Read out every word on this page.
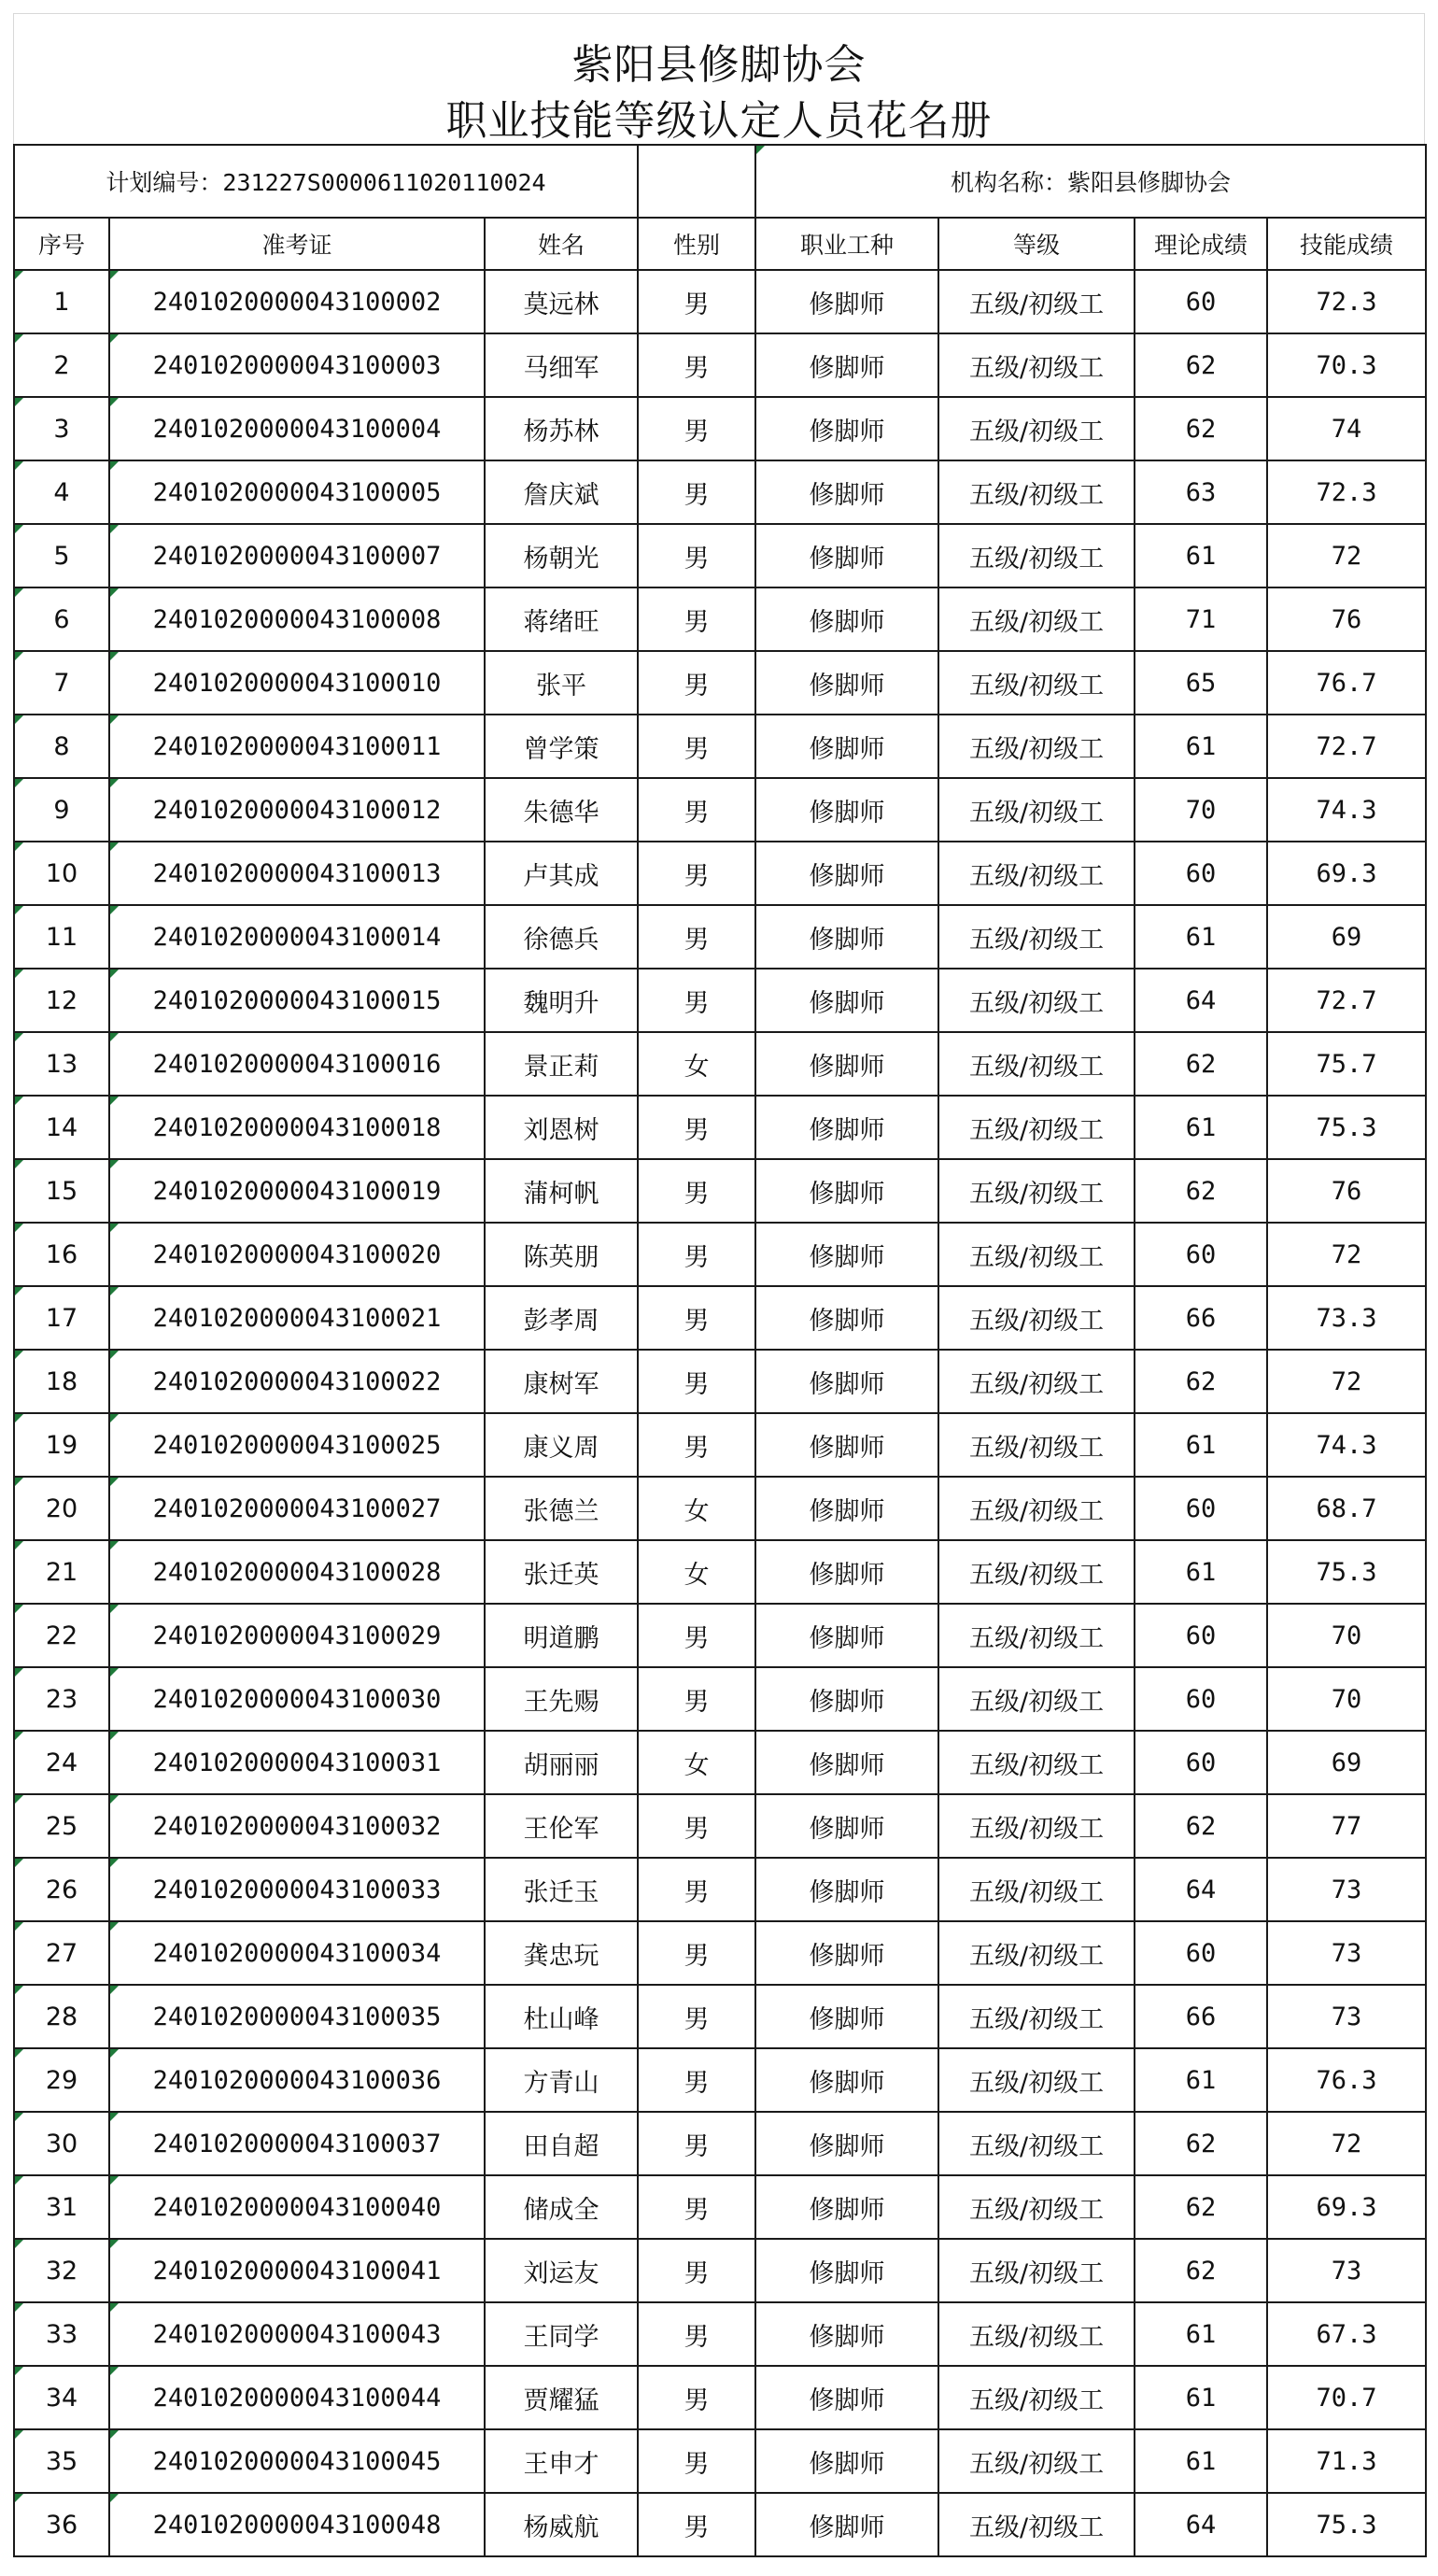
紫阳县修脚协会
职业技能等级认定人员花名册
计划编号：231227S0000611020110024				机构名称：紫阳县修脚协会			
序号	准考证	姓名	性别	职业工种	等级	理论成绩	技能成绩
1	2401020000043100002	莫远林	男	修脚师	五级/初级工	60	72.3
2	2401020000043100003	马细军	男	修脚师	五级/初级工	62	70.3
3	2401020000043100004	杨苏林	男	修脚师	五级/初级工	62	74
4	2401020000043100005	詹庆斌	男	修脚师	五级/初级工	63	72.3
5	2401020000043100007	杨朝光	男	修脚师	五级/初级工	61	72
6	2401020000043100008	蒋绪旺	男	修脚师	五级/初级工	71	76
7	2401020000043100010	张平	男	修脚师	五级/初级工	65	76.7
8	2401020000043100011	曾学策	男	修脚师	五级/初级工	61	72.7
9	2401020000043100012	朱德华	男	修脚师	五级/初级工	70	74.3
10	2401020000043100013	卢其成	男	修脚师	五级/初级工	60	69.3
11	2401020000043100014	徐德兵	男	修脚师	五级/初级工	61	69
12	2401020000043100015	魏明升	男	修脚师	五级/初级工	64	72.7
13	2401020000043100016	景正莉	女	修脚师	五级/初级工	62	75.7
14	2401020000043100018	刘恩树	男	修脚师	五级/初级工	61	75.3
15	2401020000043100019	蒲柯帆	男	修脚师	五级/初级工	62	76
16	2401020000043100020	陈英朋	男	修脚师	五级/初级工	60	72
17	2401020000043100021	彭孝周	男	修脚师	五级/初级工	66	73.3
18	2401020000043100022	康树军	男	修脚师	五级/初级工	62	72
19	2401020000043100025	康义周	男	修脚师	五级/初级工	61	74.3
20	2401020000043100027	张德兰	女	修脚师	五级/初级工	60	68.7
21	2401020000043100028	张迁英	女	修脚师	五级/初级工	61	75.3
22	2401020000043100029	明道鹏	男	修脚师	五级/初级工	60	70
23	2401020000043100030	王先赐	男	修脚师	五级/初级工	60	70
24	2401020000043100031	胡丽丽	女	修脚师	五级/初级工	60	69
25	2401020000043100032	王伦军	男	修脚师	五级/初级工	62	77
26	2401020000043100033	张迁玉	男	修脚师	五级/初级工	64	73
27	2401020000043100034	龚忠玩	男	修脚师	五级/初级工	60	73
28	2401020000043100035	杜山峰	男	修脚师	五级/初级工	66	73
29	2401020000043100036	方青山	男	修脚师	五级/初级工	61	76.3
30	2401020000043100037	田自超	男	修脚师	五级/初级工	62	72
31	2401020000043100040	储成全	男	修脚师	五级/初级工	62	69.3
32	2401020000043100041	刘运友	男	修脚师	五级/初级工	62	73
33	2401020000043100043	王同学	男	修脚师	五级/初级工	61	67.3
34	2401020000043100044	贾耀猛	男	修脚师	五级/初级工	61	70.7
35	2401020000043100045	王申才	男	修脚师	五级/初级工	61	71.3
36	2401020000043100048	杨威航	男	修脚师	五级/初级工	64	75.3
